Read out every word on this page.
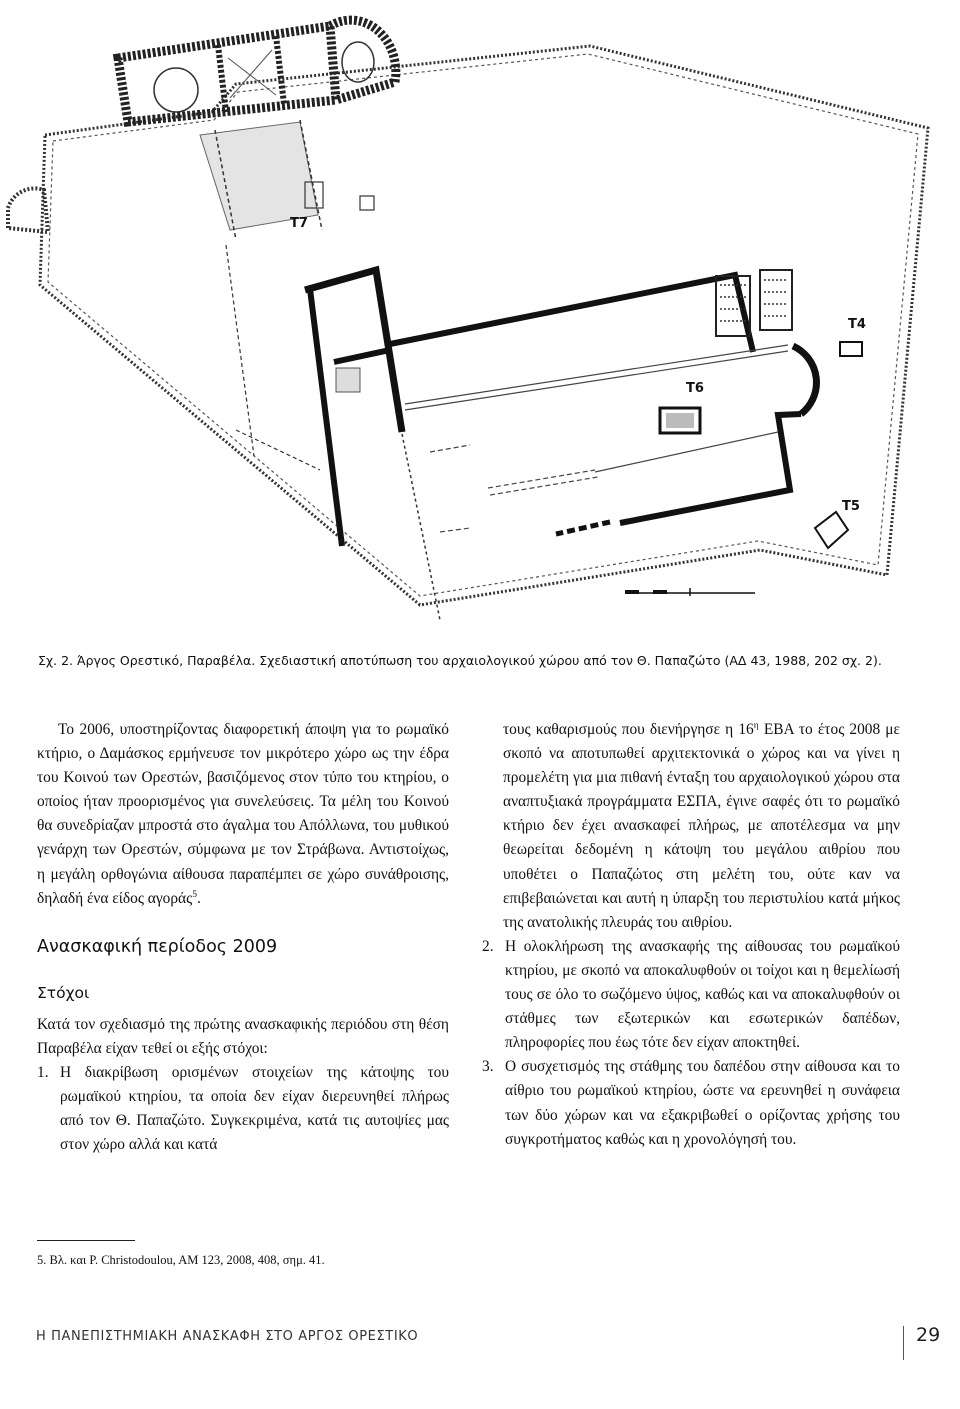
T7
T4
T6
T5
Σχ. 2. Άργος Ορεστικό, Παραβέλα. Σχεδιαστική αποτύπωση του αρχαιολογικού χώρου από τον Θ. Παπαζώτο (ΑΔ 43, 1988, 202 σχ. 2).

Το 2006, υποστηρίζοντας διαφορετική άποψη για το ρωμαϊκό κτήριο, ο Δαμάσκος ερμήνευσε τον μικρότερο χώρο ως την έδρα του Κοινού των Ορεστών, βασιζόμενος στον τύπο του κτηρίου, ο οποίος ήταν προορισμένος για συνελεύσεις. Τα μέλη του Κοινού θα συνεδρίαζαν μπροστά στο άγαλμα του Απόλλωνα, του μυθικού γενάρχη των Ορεστών, σύμφωνα με τον Στράβωνα. Αντιστοίχως, η μεγάλη ορθογώνια αίθουσα παραπέμπει σε χώρο συνάθροισης, δηλαδή ένα είδος αγοράς$^5$.

Ανασκαφική περίοδος 2009
Στόχοι

Κατά τον σχεδιασμό της πρώτης ανασκαφικής περιόδου στη θέση Παραβέλα είχαν τεθεί οι εξής στόχοι:

1. Η διακρίβωση ορισμένων στοιχείων της κάτοψης του ρωμαϊκού κτηρίου, τα οποία δεν είχαν διερευνηθεί πλήρως από τον Θ. Παπαζώτο. Συγκεκριμένα, κατά τις αυτοψίες μας στον χώρο αλλά και κατά

τους καθαρισμούς που διενήργησε η $16^\eta$ ΕΒΑ το έτος 2008 με σκοπό να αποτυπωθεί αρχιτεκτονικά ο χώρος και να γίνει η προμελέτη για μια πιθανή ένταξη του αρχαιολογικού χώρου στα αναπτυξιακά προγράμματα ΕΣΠΑ, έγινε σαφές ότι το ρωμαϊκό κτήριο δεν έχει ανασκαφεί πλήρως, με αποτέλεσμα να μην θεωρείται δεδομένη η κάτοψη του μεγάλου αιθρίου που υποθέτει ο Παπαζώτος στη μελέτη του, ούτε καν να επιβεβαιώνεται και αυτή η ύπαρξη του περιστυλίου κατά μήκος της ανατολικής πλευράς του αιθρίου.

2. Η ολοκλήρωση της ανασκαφής της αίθουσας του ρωμαϊκού κτηρίου, με σκοπό να αποκαλυφθούν οι τοίχοι και η θεμελίωσή τους σε όλο το σωζόμενο ύψος, καθώς και να αποκαλυφθούν οι στάθμες των εξωτερικών και εσωτερικών δαπέδων, πληροφορίες που έως τότε δεν είχαν αποκτηθεί.
3. Ο συσχετισμός της στάθμης του δαπέδου στην αίθουσα και το αίθριο του ρωμαϊκού κτηρίου, ώστε να ερευνηθεί η συνάφεια των δύο χώρων και να εξακριβωθεί ο ορίζοντας χρήσης του συγκροτήματος καθώς και η χρονολόγησή του.
5. Βλ. και P. Christodoulou, AM 123, 2008, 408, σημ. 41.
Η ΠΑΝΕΠΙΣΤΗΜΙΑΚΗ ΑΝΑΣΚΑΦΗ ΣΤΟ ΑΡΓΟΣ ΟΡΕΣΤΙΚΟ	29
